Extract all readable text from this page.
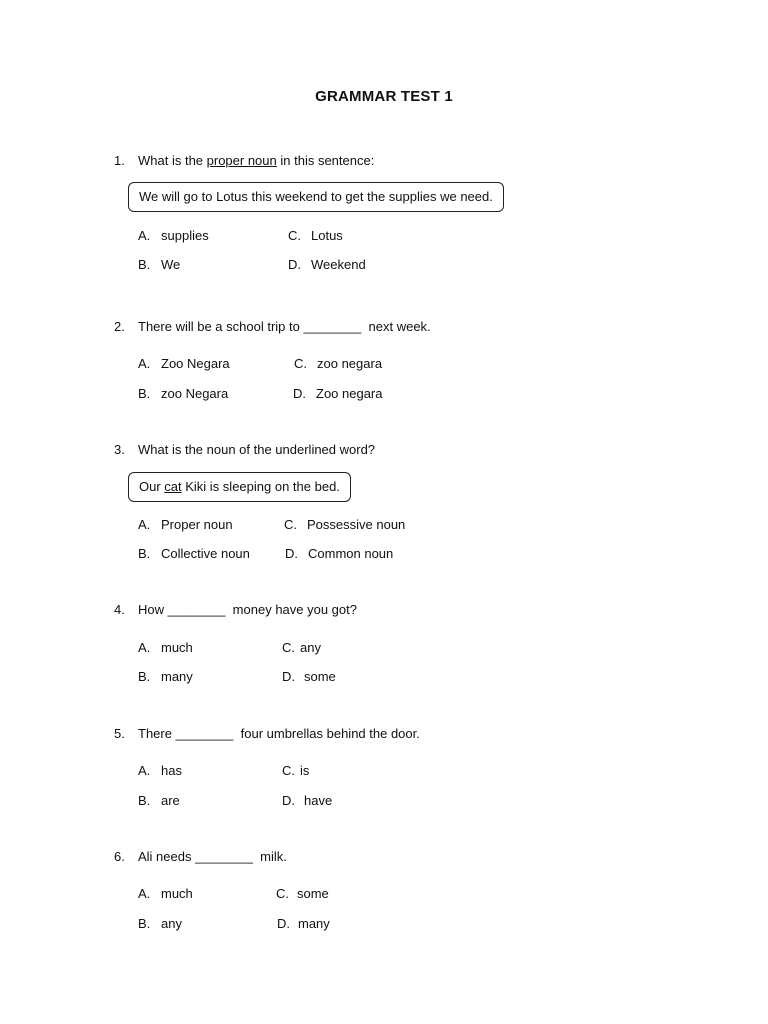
GRAMMAR TEST 1
1. What is the proper noun in this sentence:
We will go to Lotus this weekend to get the supplies we need.
A. supplies	C. Lotus
B. We	D. Weekend
2. There will be a school trip to ________  next week.
A. Zoo Negara	C. zoo negara
B. zoo Negara	D. Zoo negara
3. What is the noun of the underlined word?
Our cat Kiki is sleeping on the bed.
A. Proper noun	C. Possessive noun
B. Collective noun	D. Common noun
4. How ________  money have you got?
A. much	C. any
B. many	D. some
5. There ________  four umbrellas behind the door.
A. has	C. is
B. are	D. have
6. Ali needs ________  milk.
A. much	C. some
B. any	D. many
